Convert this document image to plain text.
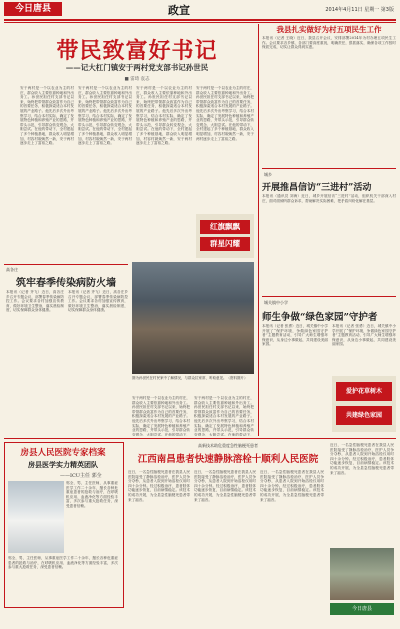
今日唐县	政宣	2014年4月11日 星期一 第3版
带民致富好书记
——记大杠门镇安于两村党支部书记孙世民
■ 雷琦 袁志
安于两村是一个以农业为主的村庄，群众收入主要依靠种地和外出务工。孙世民担任村支部书记以来，始终把带领群众致富作为自己的首要任务，积极探索适合本村发展的产业路子。他先后多次外出考察学习，结合本村实际，确定了发展特色种植和养殖产业的思路，并带头示范，引导群众转变观念，大胆尝试。在他的带动下，全村建起了多个种植基地，群众收入明显增加，村容村貌焕然一新，安于两村逐步走上了富裕之路。
安于两村是一个以农业为主的村庄，群众收入主要依靠种地和外出务工。孙世民担任村支部书记以来，始终把带领群众致富作为自己的首要任务，积极探索适合本村发展的产业路子。他先后多次外出考察学习，结合本村实际，确定了发展特色种植和养殖产业的思路，并带头示范，引导群众转变观念，大胆尝试。在他的带动下，全村建起了多个种植基地，群众收入明显增加，村容村貌焕然一新，安于两村逐步走上了富裕之路。
安于两村是一个以农业为主的村庄，群众收入主要依靠种地和外出务工。孙世民担任村支部书记以来，始终把带领群众致富作为自己的首要任务，积极探索适合本村发展的产业路子。他先后多次外出考察学习，结合本村实际，确定了发展特色种植和养殖产业的思路，并带头示范，引导群众转变观念，大胆尝试。在他的带动下，全村建起了多个种植基地，群众收入明显增加，村容村貌焕然一新，安于两村逐步走上了富裕之路。
安于两村是一个以农业为主的村庄，群众收入主要依靠种地和外出务工。孙世民担任村支部书记以来，始终把带领群众致富作为自己的首要任务，积极探索适合本村发展的产业路子。他先后多次外出考察学习，结合本村实际，确定了发展特色种植和养殖产业的思路，并带头示范，引导群众转变观念，大胆尝试。在他的带动下，全村建起了多个种植基地，群众收入明显增加，村容村貌焕然一新，安于两村逐步走上了富裕之路。
红旗飘飘
群星闪耀
图为孙世民在村民家中了解情况，与群众拉家常、听取意见。（资料图片）
高各庄
筑牢春季传染病防火墙
本报讯（记者 齐飞）近日，高各庄乡召开专题会议，部署春季传染病防控工作。会议要求各村加强宣传教育，做好环境卫生整治，落实晨检制度，切实保障群众身体健康。
本报讯（记者 齐飞）近日，高各庄乡召开专题会议，部署春季传染病防控工作。会议要求各村加强宣传教育，做好环境卫生整治，落实晨检制度，切实保障群众身体健康。
安于两村是一个以农业为主的村庄，群众收入主要依靠种地和外出务工。孙世民担任村支部书记以来，始终把带领群众致富作为自己的首要任务，积极探索适合本村发展的产业路子。他先后多次外出考察学习，结合本村实际，确定了发展特色种植和养殖产业的思路，并带头示范，引导群众转变观念，大胆尝试。在他的带动下，
安于两村是一个以农业为主的村庄，群众收入主要依靠种地和外出务工。孙世民担任村支部书记以来，始终把带领群众致富作为自己的首要任务，积极探索适合本村发展的产业路子。他先后多次外出考察学习，结合本村实际，确定了发展特色种植和养殖产业的思路，并带头示范，引导群众转变观念，大胆尝试。在他的带动下，
我县扎实做好为村五项民生工作
本报讯（记者 王晓）近日，我县召开会议，安排部署2014年为村办理五项民生工作。会议要求各乡镇、各部门要高度重视，明确责任，狠抓落实，确保各项工作按时保质完成，切实让群众得到实惠。
城乡
开展推昌信访“三进村”活动
本报讯（通讯员 刘海）近日，城乡开展信访“三进村”活动，组织机关干部深入村庄，面对面倾听群众诉求，帮助解决实际困难，把矛盾纠纷化解在基层。
城关镇中小学
师生争做“绿色家园”守护者
本报讯（记者 张勇）近日，城关镇中小学开展了“保护环境，争做绿色家园守护者”主题教育活动，引导广大师生增强环保意识，从身边小事做起，共同建设美丽家园。
本报讯（记者 张勇）近日，城关镇中小学开展了“保护环境，争做绿色家园守护者”主题教育活动，引导广大师生增强环保意识，从身边小事做起，共同建设美丽家园。
爱护花草树木
共建绿色家园
房县人民医院专家档案
房县医学实力精英团队
——ICU主任 郭全
郭全，男，主任医师，从事重症医学工作二十余年，擅长各种危重症患者的抢救与治疗，在呼吸机应用、血液净化等方面经验丰富，多次参与重大抢救任务，深受患者信赖。
郭全，男，主任医师，从事重症医学工作二十余年，擅长各种危重症患者的抢救与治疗，在呼吸机应用、血液净化等方面经验丰富，多次参与重大抢救任务，深受患者信赖。
高新技术助危重度急性脑梗死患者
江西南昌患者快速静脉溶栓十顺利人民医院
近日，一名急性脑梗死患者在我县人民医院接受了静脉溶栓治疗，医护人员争分夺秒，从患者入院到开始溶栓仅用时四十余分钟。经过积极治疗，患者肢体功能逐步恢复，目前病情稳定。该技术的成功开展，为全县急性脑梗死患者带来了福音。
近日，一名急性脑梗死患者在我县人民医院接受了静脉溶栓治疗，医护人员争分夺秒，从患者入院到开始溶栓仅用时四十余分钟。经过积极治疗，患者肢体功能逐步恢复，目前病情稳定。该技术的成功开展，为全县急性脑梗死患者带来了福音。
近日，一名急性脑梗死患者在我县人民医院接受了静脉溶栓治疗，医护人员争分夺秒，从患者入院到开始溶栓仅用时四十余分钟。经过积极治疗，患者肢体功能逐步恢复，目前病情稳定。该技术的成功开展，为全县急性脑梗死患者带来了福音。
近日，一名急性脑梗死患者在我县人民医院接受了静脉溶栓治疗，医护人员争分夺秒，从患者入院到开始溶栓仅用时四十余分钟。经过积极治疗，患者肢体功能逐步恢复，目前病情稳定。该技术的成功开展，为全县急性脑梗死患者带来了福音。
今日唐县
